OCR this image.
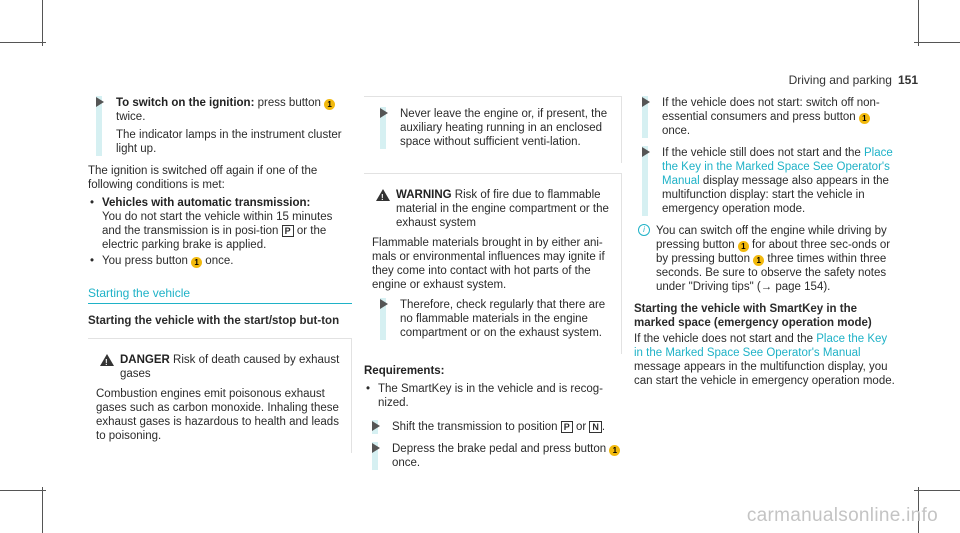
Driving and parking 151

To switch on the ignition: press button 1 twice.

The indicator lamps in the instrument cluster light up.

The ignition is switched off again if one of the following conditions is met:

• Vehicles with automatic transmission:
You do not start the vehicle within 15 minutes and the transmission is in posi-tion P or the electric parking brake is applied.
• You press button 1 once.
Starting the vehicle
Starting the vehicle with the start/stop but-ton
!
DANGER Risk of death caused by exhaust gases

Combustion engines emit poisonous exhaust gases such as carbon monoxide. Inhaling these exhaust gases is hazardous to health and leads to poisoning.

Never leave the engine or, if present, the auxiliary heating running in an enclosed space without sufficient venti-lation.

!
WARNING Risk of fire due to flammable material in the engine compartment or the exhaust system

Flammable materials brought in by either ani-mals or environmental influences may ignite if they come into contact with hot parts of the engine or exhaust system.

Therefore, check regularly that there are no flammable materials in the engine compartment or on the exhaust system.

Requirements:

• The SmartKey is in the vehicle and is recog-nized.

Shift the transmission to position P or N .

Depress the brake pedal and press button 1 once.

If the vehicle does not start: switch off non-essential consumers and press button 1 once.

If the vehicle still does not start and the Place the Key in the Marked Space See Operator's Manual display message also appears in the multifunction display: start the vehicle in emergency operation mode.

i You can switch off the engine while driving by pressing button 1 for about three sec-onds or by pressing button 1 three times within three seconds. Be sure to observe the safety notes under "Driving tips" (→ page 154).

Starting the vehicle with SmartKey in the marked space (emergency operation mode)

If the vehicle does not start and the Place the Key in the Marked Space See Operator's Manual message appears in the multifunction display, you can start the vehicle in emergency operation mode.

carmanualsonline.info
